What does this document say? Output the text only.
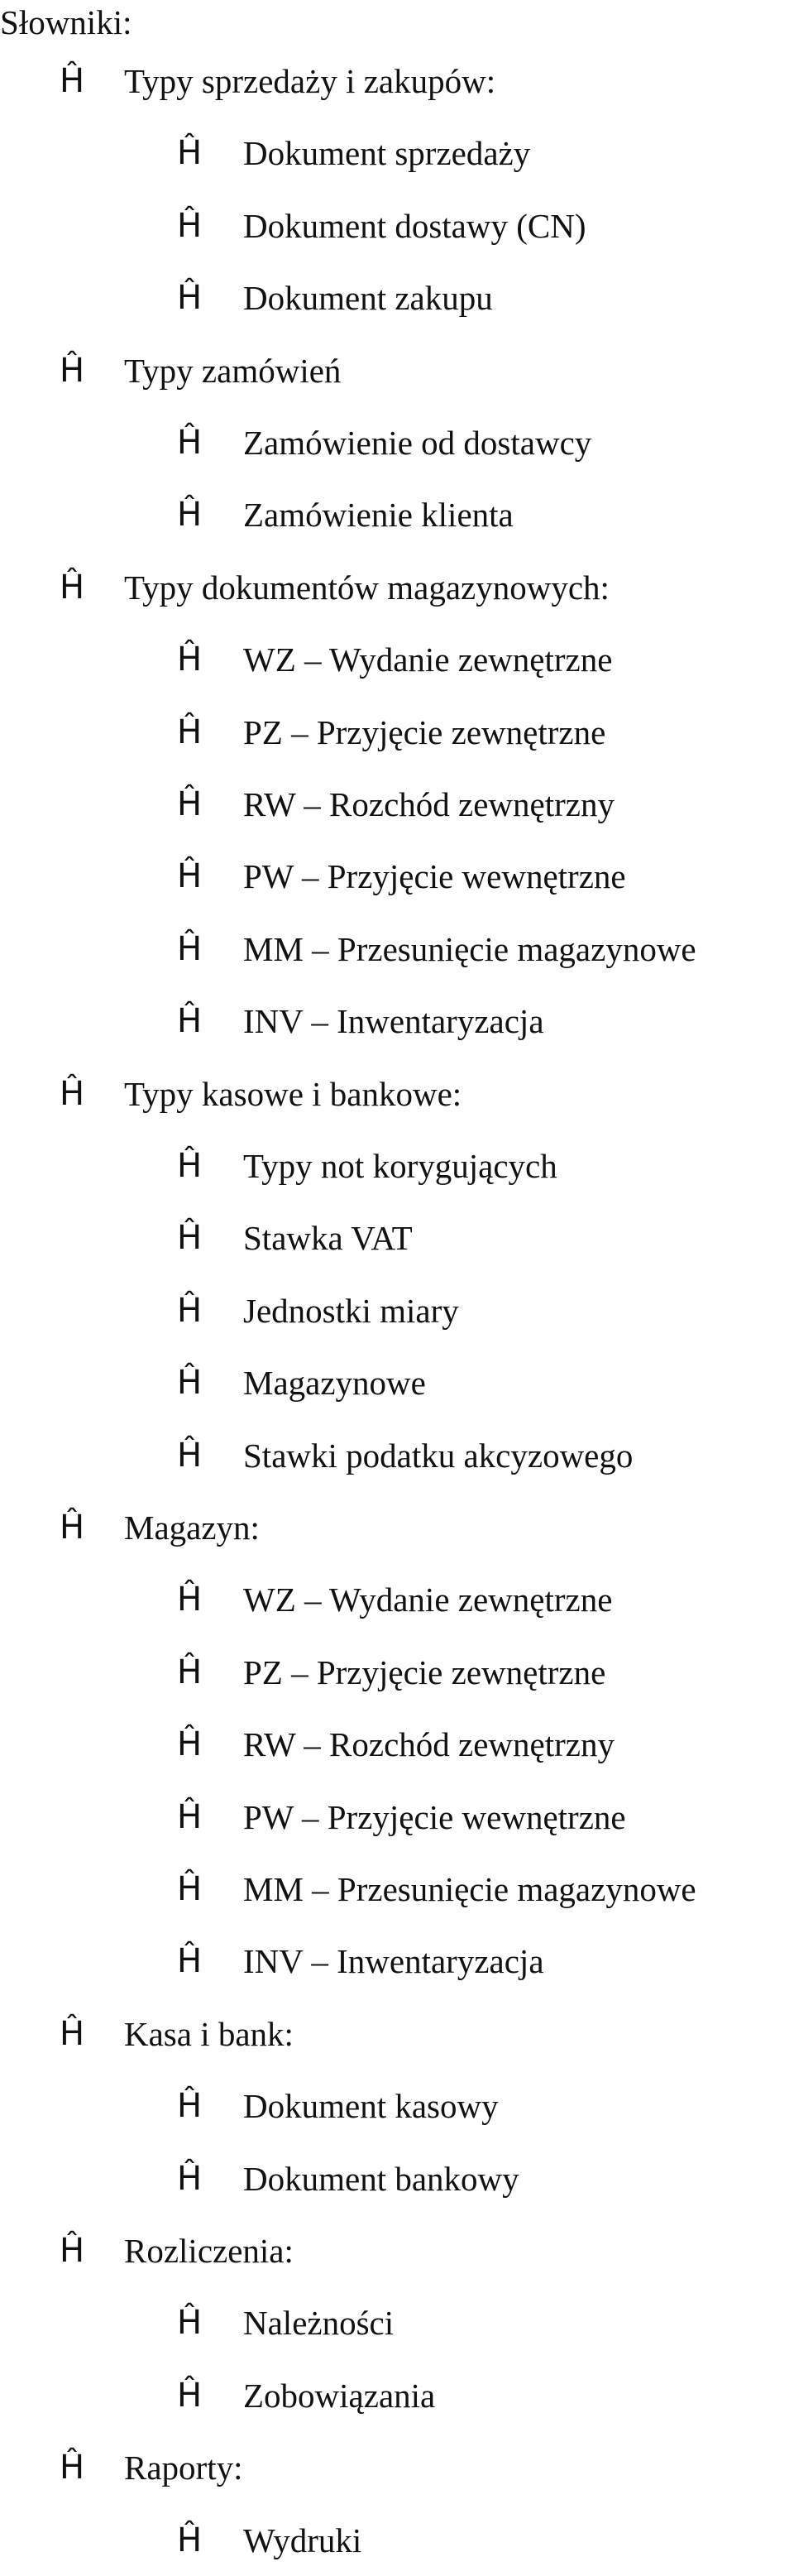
Słowniki:
Ĥ	Typy sprzedaży i zakupów:
Ĥ	Dokument sprzedaży
Ĥ	Dokument dostawy (CN)
Ĥ	Dokument zakupu
Ĥ	Typy zamówień
Ĥ	Zamówienie od dostawcy
Ĥ	Zamówienie klienta
Ĥ	Typy dokumentów magazynowych:
Ĥ	WZ – Wydanie zewnętrzne
Ĥ	PZ – Przyjęcie zewnętrzne
Ĥ	RW – Rozchód zewnętrzny
Ĥ	PW – Przyjęcie wewnętrzne
Ĥ	MM – Przesunięcie magazynowe
Ĥ	INV – Inwentaryzacja
Ĥ	Typy kasowe i bankowe:
Ĥ	Typy not korygujących
Ĥ	Stawka VAT
Ĥ	Jednostki miary
Ĥ	Magazynowe
Ĥ	Stawki podatku akcyzowego
Ĥ	Magazyn:
Ĥ	WZ – Wydanie zewnętrzne
Ĥ	PZ – Przyjęcie zewnętrzne
Ĥ	RW – Rozchód zewnętrzny
Ĥ	PW – Przyjęcie wewnętrzne
Ĥ	MM – Przesunięcie magazynowe
Ĥ	INV – Inwentaryzacja
Ĥ	Kasa i bank:
Ĥ	Dokument kasowy
Ĥ	Dokument bankowy
Ĥ	Rozliczenia:
Ĥ	Należności
Ĥ	Zobowiązania
Ĥ	Raporty:
Ĥ	Wydruki
